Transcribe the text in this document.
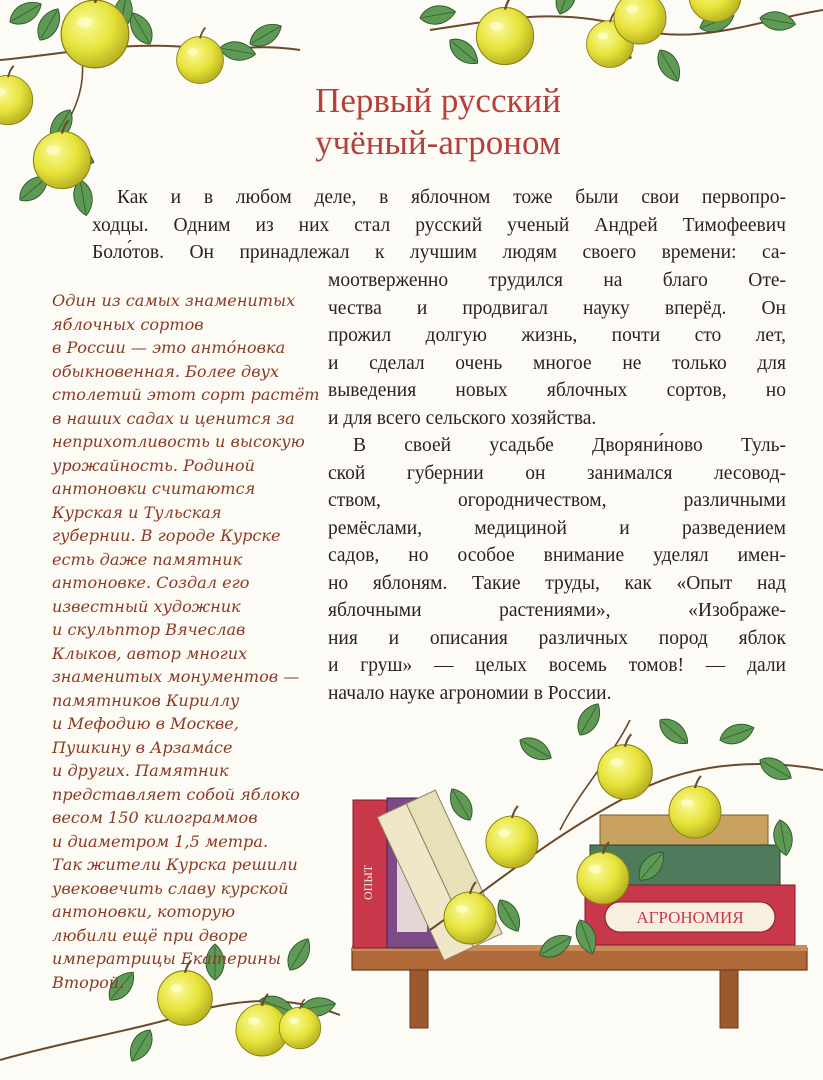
ОПЫТ
АГРОНОМИЯ
Первый русский
учёный-агроном
Как и в любом деле, в яблочном тоже были свои первопро-
ходцы. Одним из них стал русский ученый Андрей Тимофеевич
Боло́тов. Он принадлежал к лучшим людям своего времени: са-
моотверженно трудился на благо Оте-
чества и продвигал науку вперёд. Он
прожил долгую жизнь, почти сто лет,
и сделал очень многое не только для
выведения новых яблочных сортов, но
и для всего сельского хозяйства.
В своей усадьбе Дворяни́ново Туль-
ской губернии он занимался лесовод-
ством, огородничеством, различными
ремёслами, медициной и разведением
садов, но особое внимание уделял имен-
но яблоням. Такие труды, как «Опыт над
яблочными растениями», «Изображе-
ния и описания различных пород яблок
и груш» — целых восемь томов! — дали
начало науке агрономии в России.
Один из самых знаменитых
яблочных сортов
в России — это анто́новка
обыкновенная. Более двух
столетий этот сорт растёт
в наших садах и ценится за
неприхотливость и высокую
урожайность. Родиной
антоновки считаются
Курская и Тульская
губернии. В городе Курске
есть даже памятник
антоновке. Создал его
известный художник
и скульптор Вячеслав
Клыков, автор многих
знаменитых монументов —
памятников Кириллу
и Мефодию в Москве,
Пушкину в Арзама́се
и других. Памятник
представляет собой яблоко
весом 150 килограммов
и диаметром 1,5 метра.
Так жители Курска решили
увековечить славу курской
антоновки, которую
любили ещё при дворе
императрицы Екатерины
Второй.
